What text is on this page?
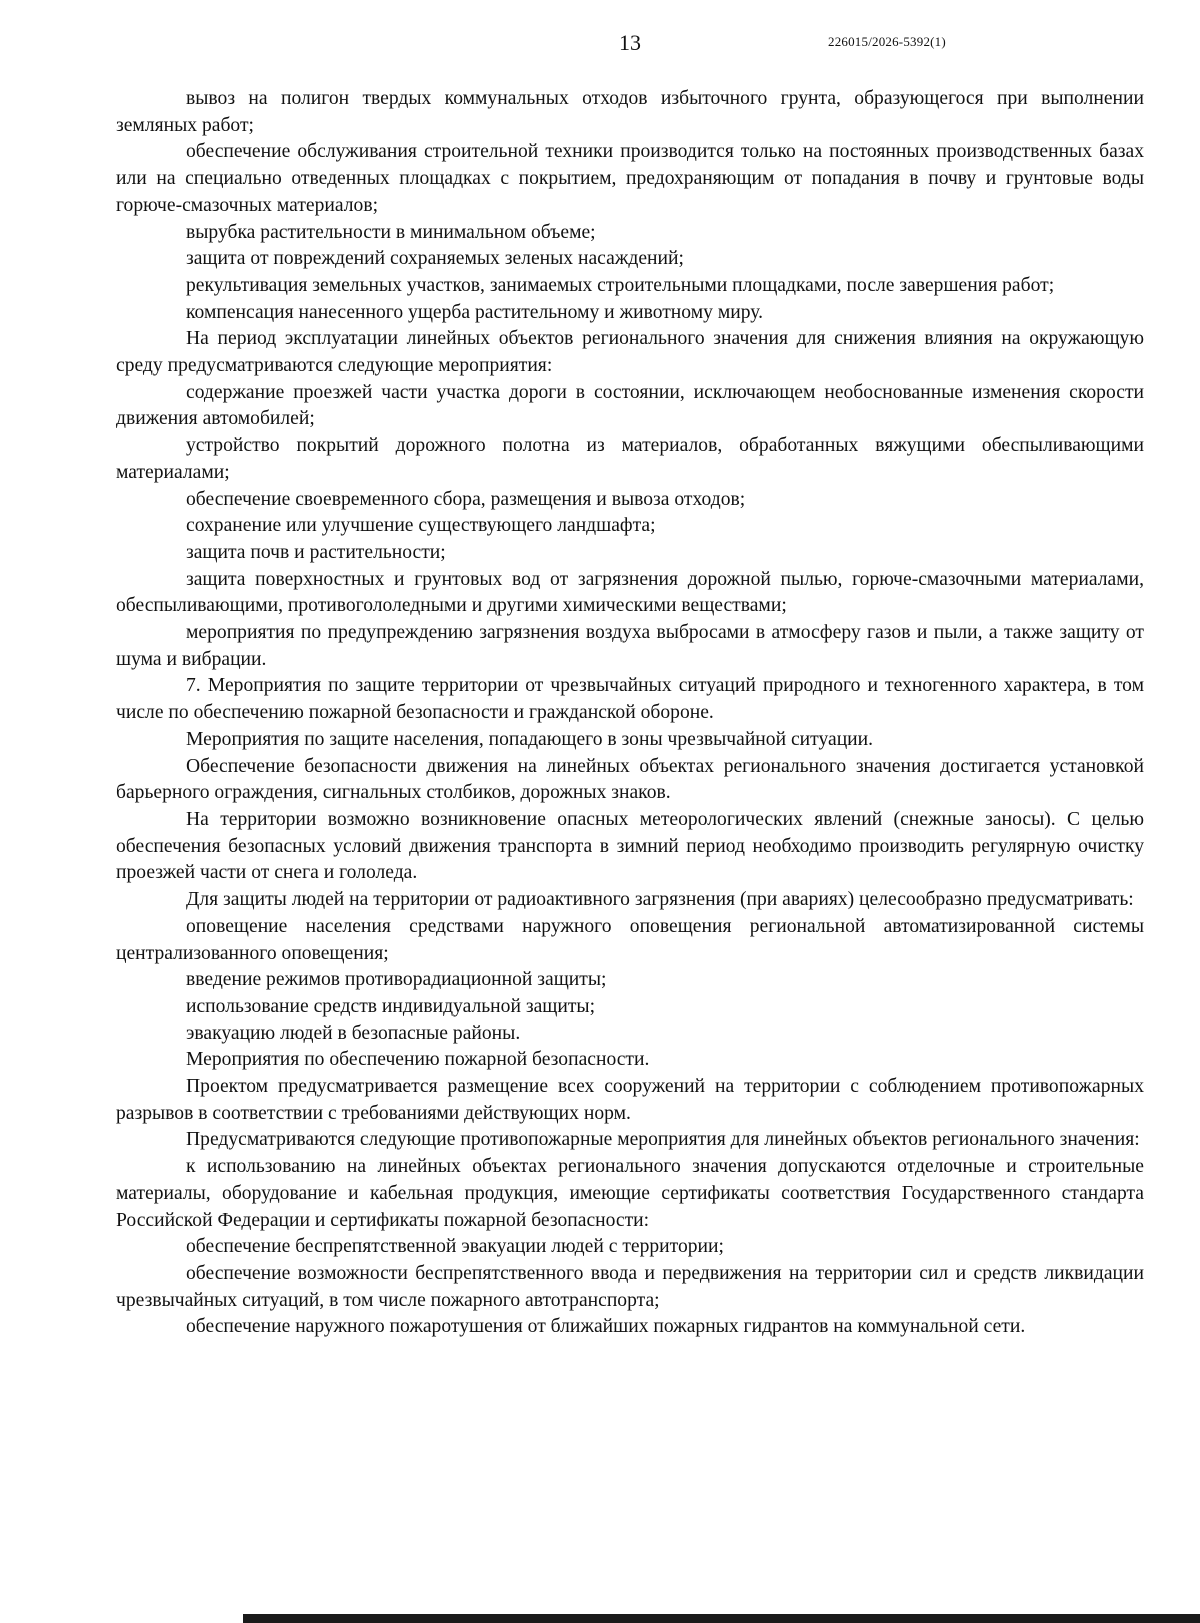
13	226015/2026-5392(1)

вывоз на полигон твердых коммунальных отходов избыточного грунта, образующегося при выполнении земляных работ;

обеспечение обслуживания строительной техники производится только на постоянных производственных базах или на специально отведенных площадках с покрытием, предохраняющим от попадания в почву и грунтовые воды горюче-смазочных материалов;

вырубка растительности в минимальном объеме;

защита от повреждений сохраняемых зеленых насаждений;

рекультивация земельных участков, занимаемых строительными площадками, после завершения работ;

компенсация нанесенного ущерба растительному и животному миру.

На период эксплуатации линейных объектов регионального значения для снижения влияния на окружающую среду предусматриваются следующие мероприятия:

содержание проезжей части участка дороги в состоянии, исключающем необоснованные изменения скорости движения автомобилей;

устройство покрытий дорожного полотна из материалов, обработанных вяжущими обеспыливающими материалами;

обеспечение своевременного сбора, размещения и вывоза отходов;

сохранение или улучшение существующего ландшафта;

защита почв и растительности;

защита поверхностных и грунтовых вод от загрязнения дорожной пылью, горюче-смазочными материалами, обеспыливающими, противогололедными и другими химическими веществами;

мероприятия по предупреждению загрязнения воздуха выбросами в атмосферу газов и пыли, а также защиту от шума и вибрации.

7. Мероприятия по защите территории от чрезвычайных ситуаций природного и техногенного характера, в том числе по обеспечению пожарной безопасности и гражданской обороне.

Мероприятия по защите населения, попадающего в зоны чрезвычайной ситуации.

Обеспечение безопасности движения на линейных объектах регионального значения достигается установкой барьерного ограждения, сигнальных столбиков, дорожных знаков.

На территории возможно возникновение опасных метеорологических явлений (снежные заносы). С целью обеспечения безопасных условий движения транспорта в зимний период необходимо производить регулярную очистку проезжей части от снега и гололеда.

Для защиты людей на территории от радиоактивного загрязнения (при авариях) целесообразно предусматривать:

оповещение населения средствами наружного оповещения региональной автоматизированной системы централизованного оповещения;

введение режимов противорадиационной защиты;

использование средств индивидуальной защиты;

эвакуацию людей в безопасные районы.

Мероприятия по обеспечению пожарной безопасности.

Проектом предусматривается размещение всех сооружений на территории с соблюдением противопожарных разрывов в соответствии с требованиями действующих норм.

Предусматриваются следующие противопожарные мероприятия для линейных объектов регионального значения:

к использованию на линейных объектах регионального значения допускаются отделочные и строительные материалы, оборудование и кабельная продукция, имеющие сертификаты соответствия Государственного стандарта Российской Федерации и сертификаты пожарной безопасности:

обеспечение беспрепятственной эвакуации людей с территории;

обеспечение возможности беспрепятственного ввода и передвижения на территории сил и средств ликвидации чрезвычайных ситуаций, в том числе пожарного автотранспорта;

обеспечение наружного пожаротушения от ближайших пожарных гидрантов на коммунальной сети.
